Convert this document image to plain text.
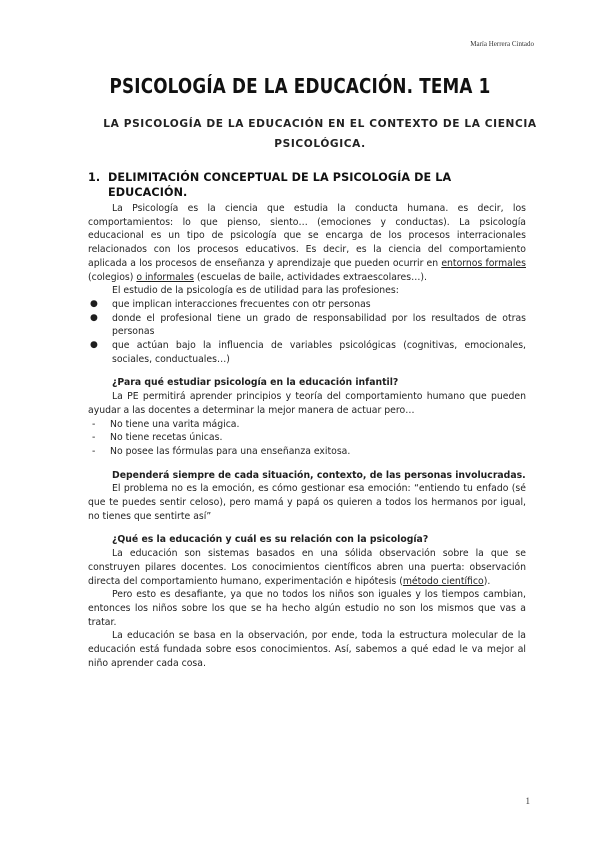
María Herrera Cintado
PSICOLOGÍA DE LA EDUCACIÓN. TEMA 1
LA PSICOLOGÍA DE LA EDUCACIÓN EN EL CONTEXTO DE LA CIENCIA PSICOLÓGICA.
1. DELIMITACIÓN CONCEPTUAL DE LA PSICOLOGÍA DE LA EDUCACIÓN.

La Psicología es la ciencia que estudia la conducta humana. es decir, los comportamientos: lo que pienso, siento… (emociones y conductas). La psicología educacional es un tipo de psicología que se encarga de los procesos interracionales relacionados con los procesos educativos. Es decir, es la ciencia del comportamiento aplicada a los procesos de enseñanza y aprendizaje que pueden ocurrir en entornos formales (colegios) o informales (escuelas de baile, actividades extraescolares…).

El estudio de la psicología es de utilidad para las profesiones:

● que implican interacciones frecuentes con otr personas
● donde el profesional tiene un grado de responsabilidad por los resultados de otras personas
● que actúan bajo la influencia de variables psicológicas (cognitivas, emocionales, sociales, conductuales…)

¿Para qué estudiar psicología en la educación infantil?

La PE permitirá aprender principios y teoría del comportamiento humano que pueden ayudar a las docentes a determinar la mejor manera de actuar pero…

- No tiene una varita mágica.
- No tiene recetas únicas.
- No posee las fórmulas para una enseñanza exitosa.

Dependerá siempre de cada situación, contexto, de las personas involucradas.

El problema no es la emoción, es cómo gestionar esa emoción: “entiendo tu enfado (sé que te puedes sentir celoso), pero mamá y papá os quieren a todos los hermanos por igual, no tienes que sentirte así”

¿Qué es la educación y cuál es su relación con la psicología?

La educación son sistemas basados en una sólida observación sobre la que se construyen pilares docentes. Los conocimientos científicos abren una puerta: observación directa del comportamiento humano, experimentación e hipótesis (método científico).

Pero esto es desafiante, ya que no todos los niños son iguales y los tiempos cambian, entonces los niños sobre los que se ha hecho algún estudio no son los mismos que vas a tratar.

La educación se basa en la observación, por ende, toda la estructura molecular de la educación está fundada sobre esos conocimientos. Así, sabemos a qué edad le va mejor al niño aprender cada cosa.

1
